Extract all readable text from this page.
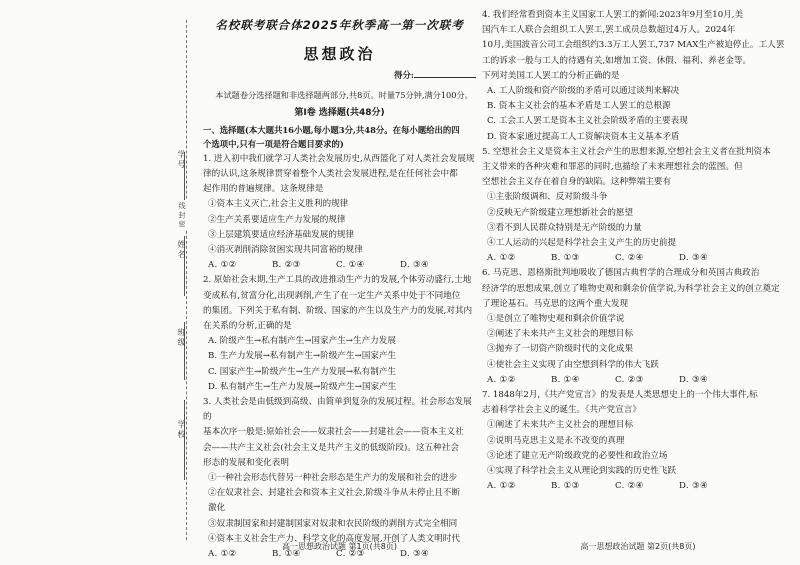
学号
姓名
班级
学校
线 封 密
名校联考联合体2025年秋季高一第一次联考
思想政治
得分:
本试题卷分选择题和非选择题两部分,共8页。时量75分钟,满分100分。
第Ⅰ卷 选择题(共48分)
一、选择题(本大题共16小题,每小题3分,共48分。在每小题给出的四
个选项中,只有一项是符合题目要求的)

1. 进入初中我们就学习人类社会发展历史,从西篮化了对人类社会发展规

律的认识,这条规律贯穿着整个人类社会发展进程,是在任何社会中都

起作用的普遍规律。这条规律是

①资本主义灭亡,社会主义胜利的规律

②生产关系要适应生产力发展的规律

③上层建筑要适应经济基础发展的规律

④消灭剥削消除贫困实现共同富裕的规律

A. ①②	B. ②③	C. ①④	D. ③④

2. 原始社会末期,生产工具的改进推动生产力的发展,个体劳动盛行,土地

变成私有,贫富分化,出现剥削,产生了在一定生产关系中处于不同地位

的集团。下列关于私有制、阶级、国家的产生以及生产力的发展,对其内

在关系的分析,正确的是

A. 阶级产生→私有制产生→国家产生→生产力发展

B. 生产力发展→私有制产生→阶级产生→国家产生

C. 国家产生→阶级产生→生产力发展→私有制产生

D. 私有制产生→生产力发展→阶级产生→国家产生

3. 人类社会是由低级到高级、由简单到复杂的发展过程。社会形态发展的

基本次序一般是:原始社会——奴隶社会——封建社会——资本主义社

会——共产主义社会(社会主义是共产主义的低级阶段)。这五种社会

形态的发展和变化表明

①一种社会形态代替另一种社会形态是生产力的发展和社会的进步

②在奴隶社会、封建社会和资本主义社会,阶级斗争从未停止且不断

激化

③奴隶制国家和封建制国家对奴隶和农民阶级的剥削方式完全相同

④资本主义社会生产力、科学文化的高度发展,开创了人类文明时代

A. ①②	B. ①④	C. ②③	D. ③④

4. 我们经常看到资本主义国家工人罢工的新闻:2023年9月至10月,美

国汽车工人联合会组织工人罢工,罢工成员总数超过4万人。2024年

10月,美国波音公司工会组织约3.3万工人罢工,737 MAX生产被迫停止。工人罢

工的诉求一般与工人的待遇有关,如增加工资、休假、福利、养老金等。

下列对美国工人罢工的分析正确的是

A. 工人阶级和资产阶级的矛盾可以通过谈判来解决

B. 资本主义社会的基本矛盾是工人罢工的总根源

C. 工会工人罢工是资本主义社会阶级矛盾的主要表现

D. 资本家通过提高工人工资解决资本主义基本矛盾

5. 空想社会主义是资本主义社会产生的思想来源,空想社会主义者在批判资本

主义带来的各种灾难和罪恶的同时,也描绘了未来理想社会的蓝图。但

空想社会主义存在着自身的缺陷。这种弊端主要有

①主张阶级调和、反对阶级斗争

②反映无产阶级建立理想新社会的愿望

③看不到人民群众特别是无产阶级的力量

④工人运动的兴起是科学社会主义产生的历史前提

A. ①②	B. ①③	C. ②④	D. ③④

6. 马克思、恩格斯批判地吸收了德国古典哲学的合理成分和英国古典政治

经济学的思想成果,创立了唯物史观和剩余价值学说,为科学社会主义的创立奠定

了理论基石。马克思的这两个重大发现

①是创立了唯物史观和剩余价值学说

②阐述了未来共产主义社会的理想目标

③抛弃了一切资产阶级时代的文化成果

④使社会主义实现了由空想到科学的伟大飞跃

A. ①②	B. ①④	C. ②③	D. ③④

7. 1848年2月,《共产党宣言》的发表是人类思想史上的一个伟大事件,标

志着科学社会主义的诞生。《共产党宣言》

①阐述了未来共产主义社会的理想目标

②说明马克思主义是永不改变的真理

③论述了建立无产阶级政党的必要性和政治立场

④实现了科学社会主义从理论到实践的历史性飞跃

A. ①②	B. ①③	C. ②④	D. ③④

高一思想政治试题 第1页(共8页)	高一思想政治试题 第2页(共8页)
